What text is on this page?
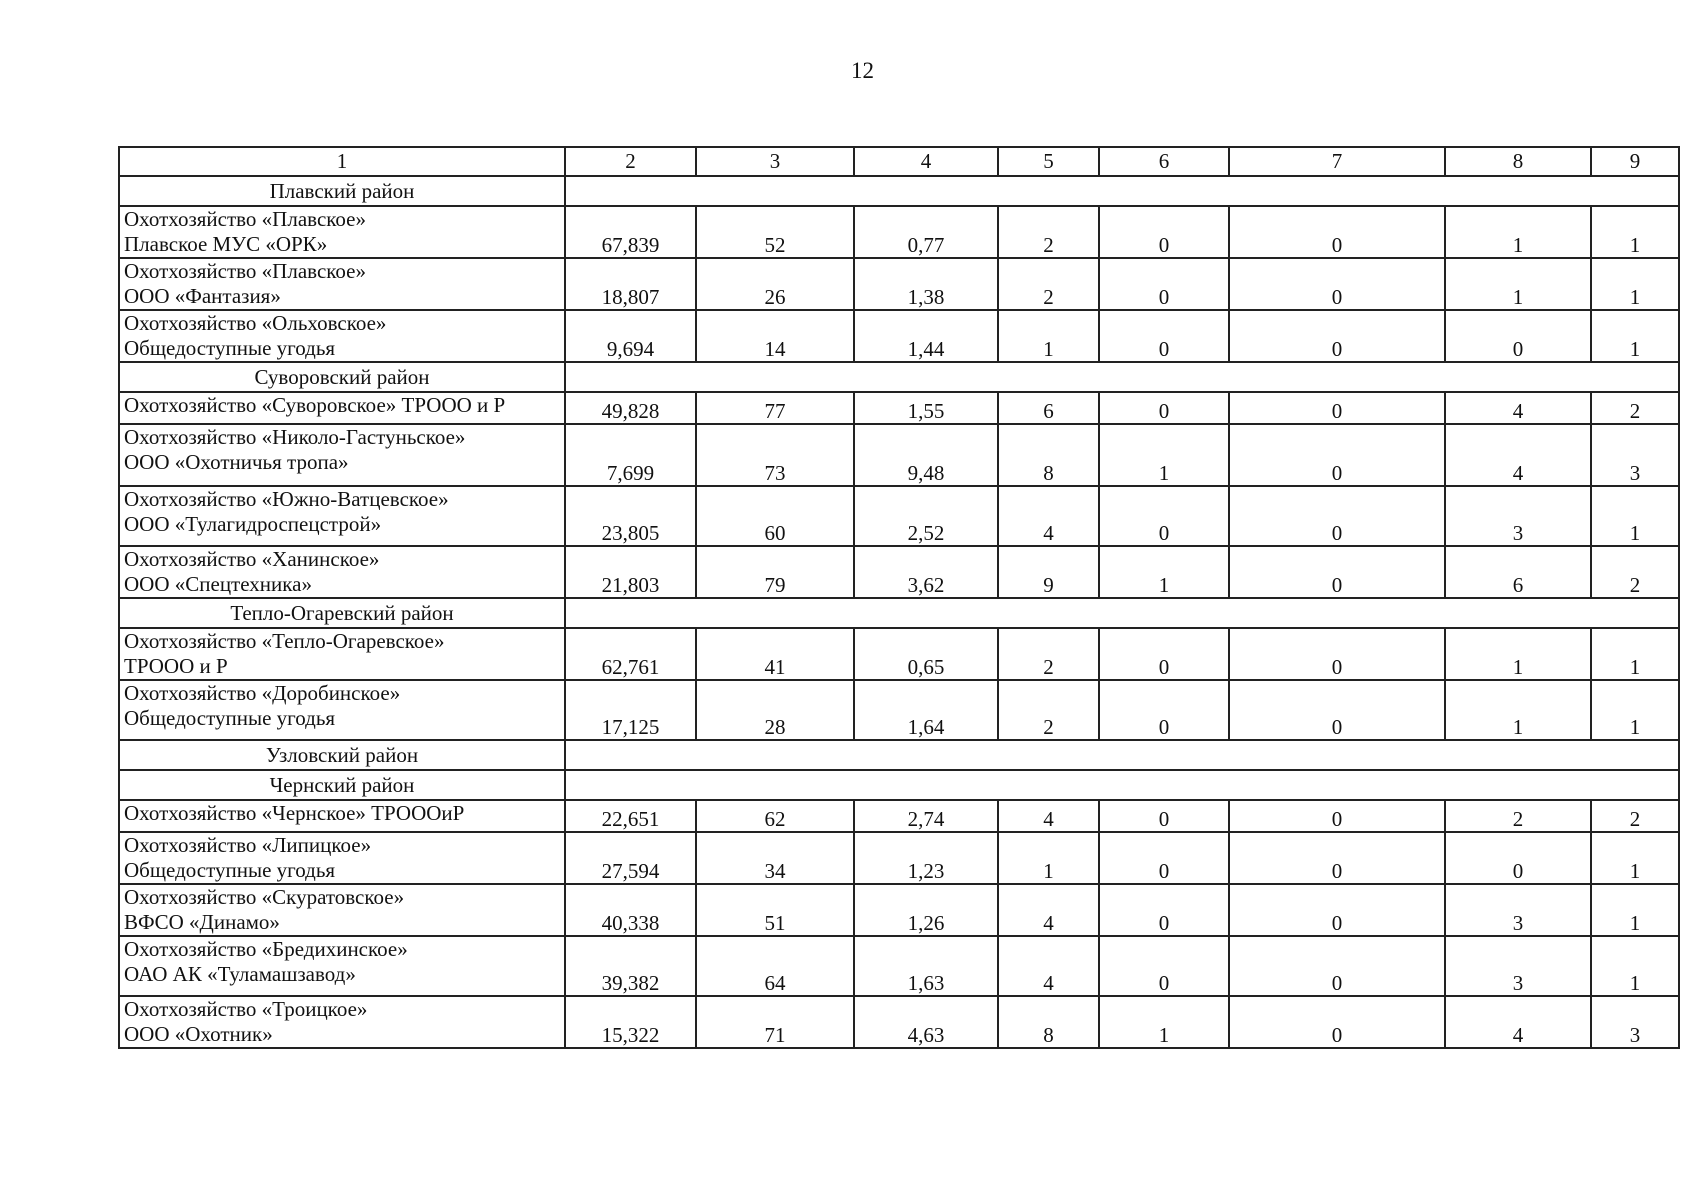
12
1	2	3	4	5	6	7	8	9
Плавский район								

Охотхозяйство «Плавское»
Плавское МУС «ОРК»	67,839	52	0,77	2	0	0	1	1

Охотхозяйство «Плавское»
ООО «Фантазия»	18,807	26	1,38	2	0	0	1	1

Охотхозяйство «Ольховское»
Общедоступные угодья	9,694	14	1,44	1	0	0	0	1
Суворовский район								

Охотхозяйство «Суворовское» ТРООО и Р	49,828	77	1,55	6	0	0	4	2

Охотхозяйство «Николо-Гастуньское»
ООО «Охотничья тропа»	7,699	73	9,48	8	1	0	4	3

Охотхозяйство «Южно-Ватцевское»
ООО «Тулагидроспецстрой»	23,805	60	2,52	4	0	0	3	1

Охотхозяйство «Ханинское»
ООО «Спецтехника»	21,803	79	3,62	9	1	0	6	2
Тепло-Огаревский район								

Охотхозяйство «Тепло-Огаревское»
ТРООО и Р	62,761	41	0,65	2	0	0	1	1

Охотхозяйство «Доробинское»
Общедоступные угодья	17,125	28	1,64	2	0	0	1	1
Узловский район								
Чернский район								

Охотхозяйство «Чернское» ТРОООиР	22,651	62	2,74	4	0	0	2	2

Охотхозяйство «Липицкое»
Общедоступные угодья	27,594	34	1,23	1	0	0	0	1

Охотхозяйство «Скуратовское»
ВФСО «Динамо»	40,338	51	1,26	4	0	0	3	1

Охотхозяйство «Бредихинское»
ОАО АК «Туламашзавод»	39,382	64	1,63	4	0	0	3	1

Охотхозяйство «Троицкое»
ООО «Охотник»	15,322	71	4,63	8	1	0	4	3
